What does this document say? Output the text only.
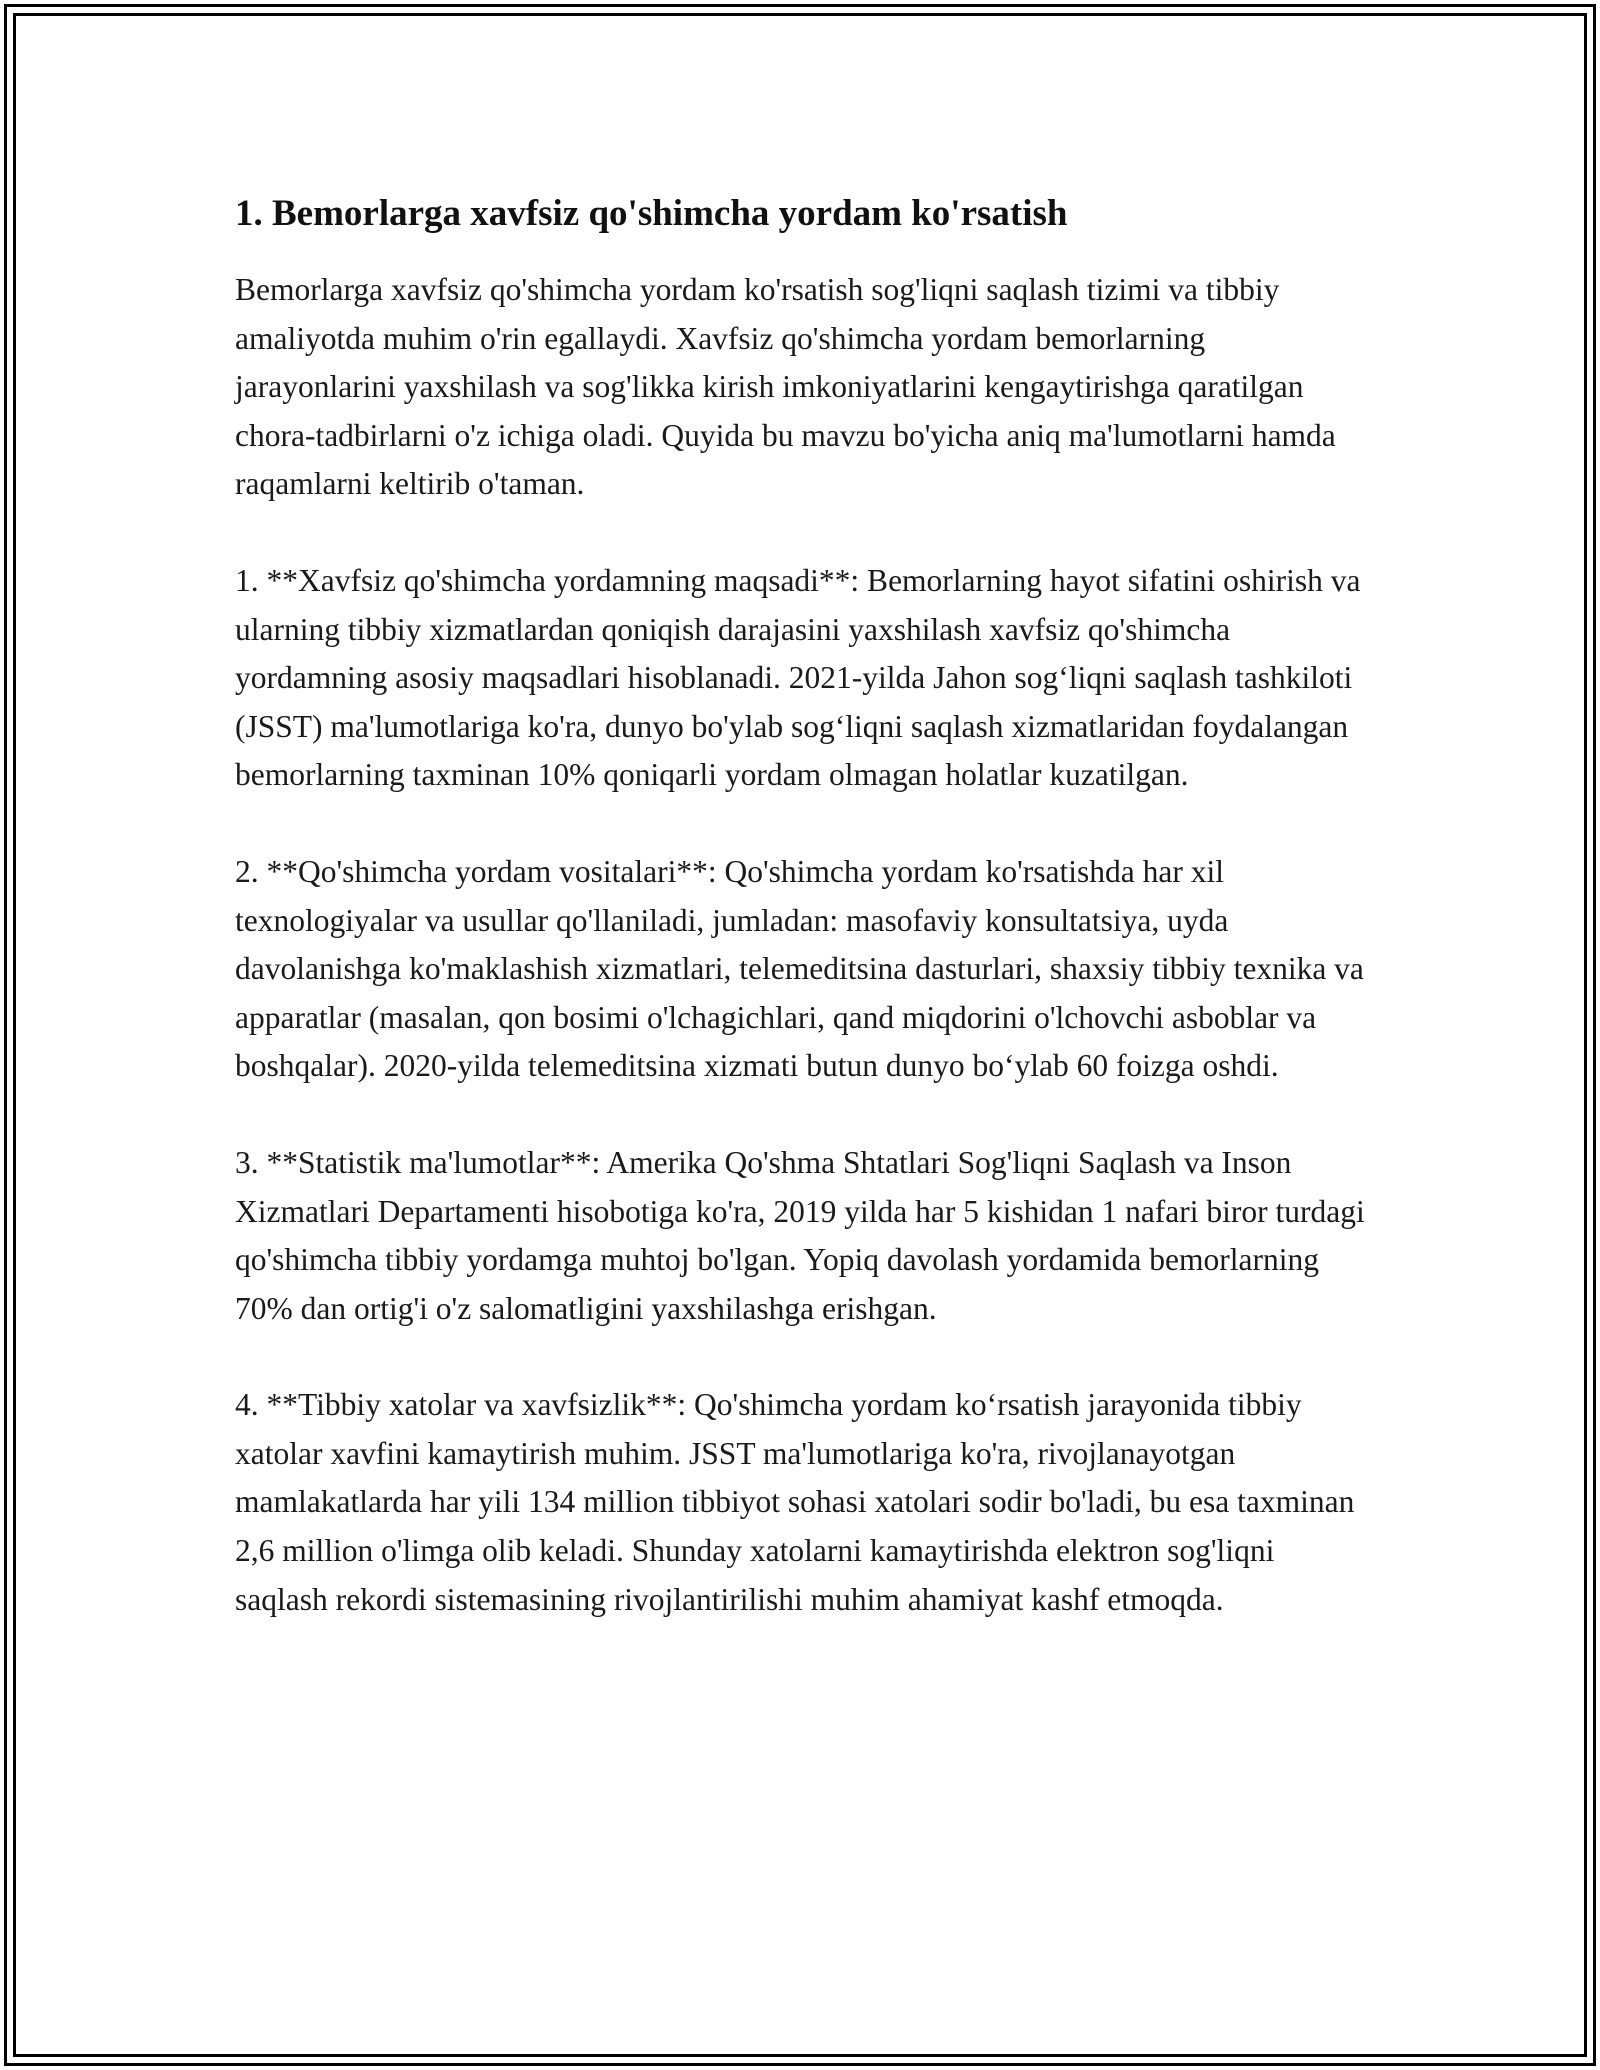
1. Bemorlarga xavfsiz qo'shimcha yordam ko'rsatish

Bemorlarga xavfsiz qo'shimcha yordam ko'rsatish sog'liqni saqlash tizimi va tibbiy amaliyotda muhim o'rin egallaydi. Xavfsiz qo'shimcha yordam bemorlarning jarayonlarini yaxshilash va sog'likka kirish imkoniyatlarini kengaytirishga qaratilgan chora-tadbirlarni o'z ichiga oladi. Quyida bu mavzu bo'yicha aniq ma'lumotlarni hamda raqamlarni keltirib o'taman.

1. **Xavfsiz qo'shimcha yordamning maqsadi**: Bemorlarning hayot sifatini oshirish va ularning tibbiy xizmatlardan qoniqish darajasini yaxshilash xavfsiz qo'shimcha yordamning asosiy maqsadlari hisoblanadi. 2021-yilda Jahon sog‘liqni saqlash tashkiloti (JSST) ma'lumotlariga ko'ra, dunyo bo'ylab sog‘liqni saqlash xizmatlaridan foydalangan bemorlarning taxminan 10% qoniqarli yordam olmagan holatlar kuzatilgan.

2. **Qo'shimcha yordam vositalari**: Qo'shimcha yordam ko'rsatishda har xil texnologiyalar va usullar qo'llaniladi, jumladan: masofaviy konsultatsiya, uyda davolanishga ko'maklashish xizmatlari, telemeditsina dasturlari, shaxsiy tibbiy texnika va apparatlar (masalan, qon bosimi o'lchagichlari, qand miqdorini o'lchovchi asboblar va boshqalar). 2020-yilda telemeditsina xizmati butun dunyo bo‘ylab 60 foizga oshdi.

3. **Statistik ma'lumotlar**: Amerika Qo'shma Shtatlari Sog'liqni Saqlash va Inson Xizmatlari Departamenti hisobotiga ko'ra, 2019 yilda har 5 kishidan 1 nafari biror turdagi qo'shimcha tibbiy yordamga muhtoj bo'lgan. Yopiq davolash yordamida bemorlarning 70% dan ortig'i o'z salomatligini yaxshilashga erishgan.

4. **Tibbiy xatolar va xavfsizlik**: Qo'shimcha yordam ko‘rsatish jarayonida tibbiy xatolar xavfini kamaytirish muhim. JSST ma'lumotlariga ko'ra, rivojlanayotgan mamlakatlarda har yili 134 million tibbiyot sohasi xatolari sodir bo'ladi, bu esa taxminan 2,6 million o'limga olib keladi. Shunday xatolarni kamaytirishda elektron sog'liqni saqlash rekordi sistemasining rivojlantirilishi muhim ahamiyat kashf etmoqda.
